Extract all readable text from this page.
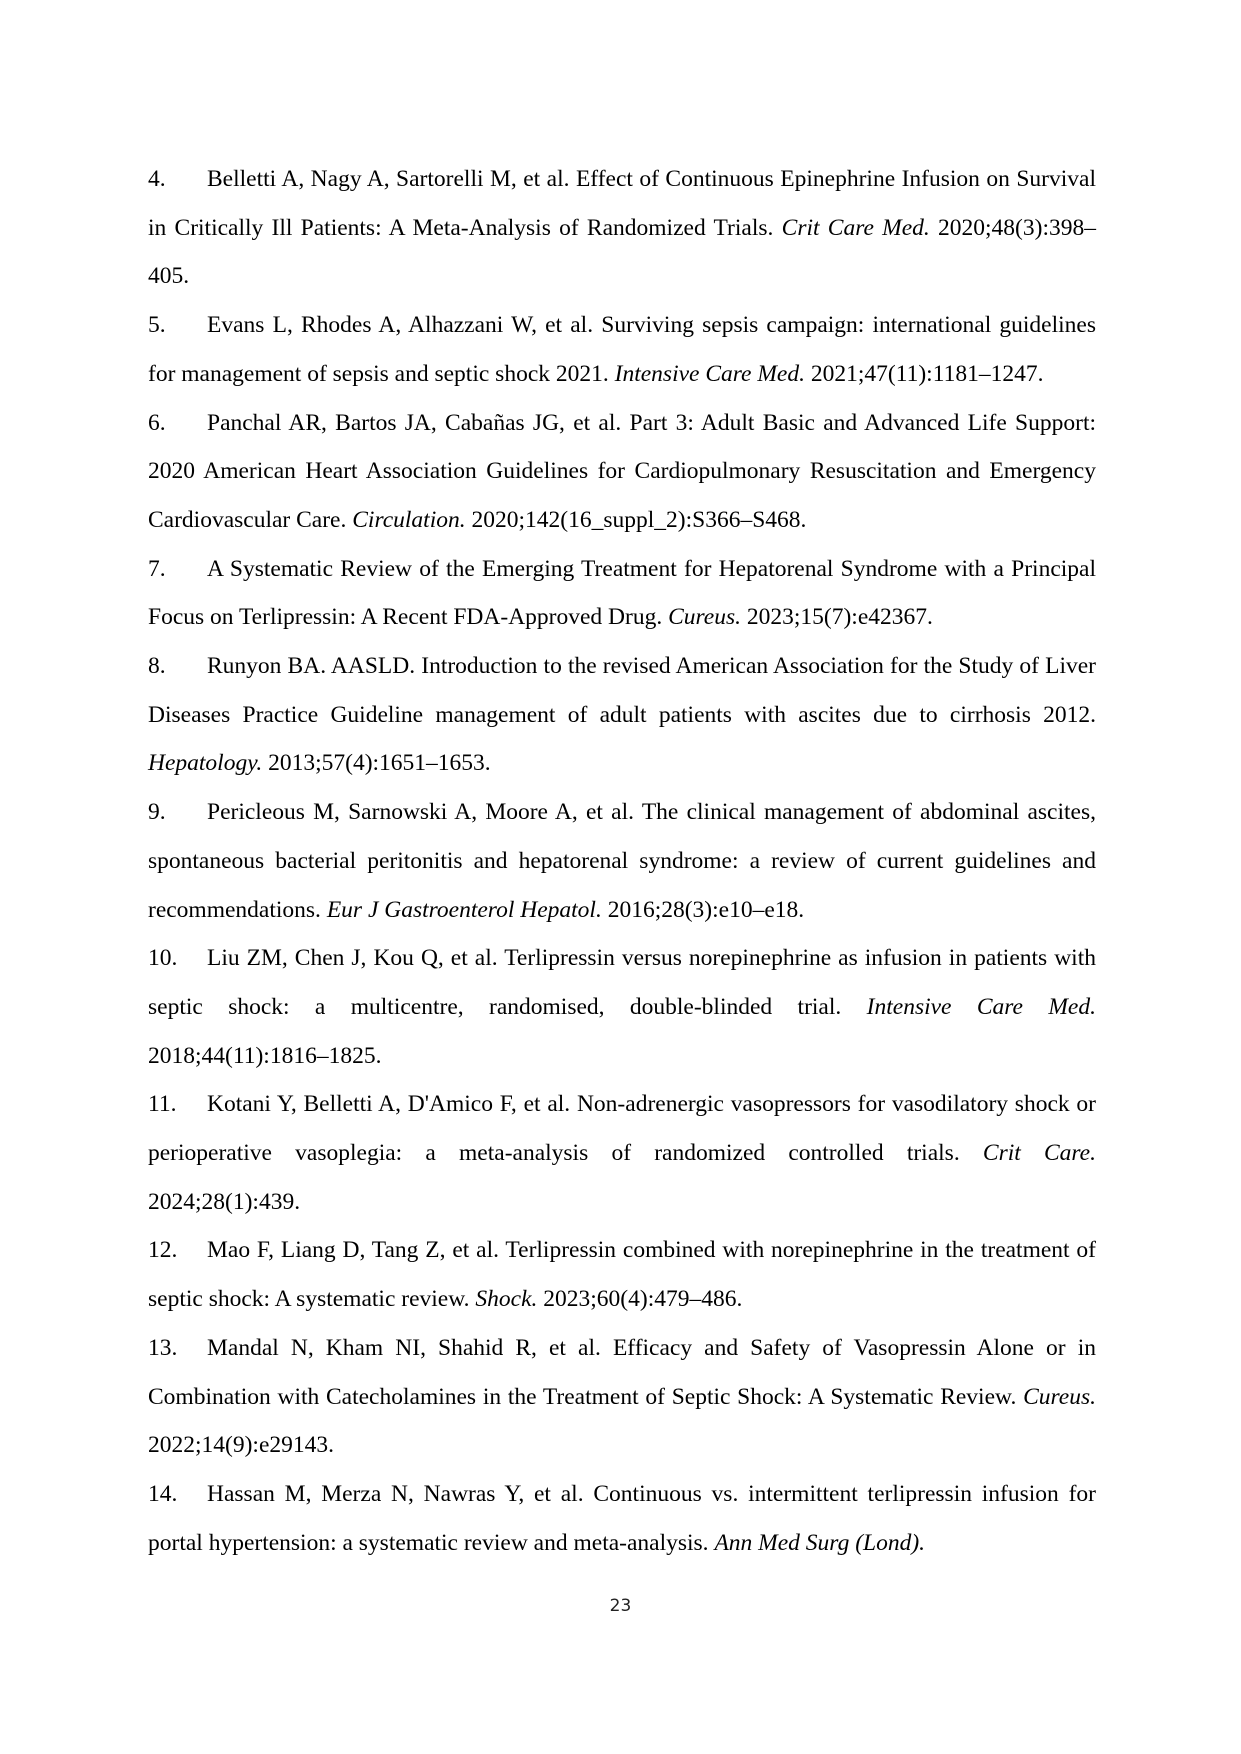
4. Belletti A, Nagy A, Sartorelli M, et al. Effect of Continuous Epinephrine Infusion on Survival in Critically Ill Patients: A Meta-Analysis of Randomized Trials. Crit Care Med. 2020;48(3):398–405.
5. Evans L, Rhodes A, Alhazzani W, et al. Surviving sepsis campaign: international guidelines for management of sepsis and septic shock 2021. Intensive Care Med. 2021;47(11):1181–1247.
6. Panchal AR, Bartos JA, Cabañas JG, et al. Part 3: Adult Basic and Advanced Life Support: 2020 American Heart Association Guidelines for Cardiopulmonary Resuscitation and Emergency Cardiovascular Care. Circulation. 2020;142(16_suppl_2):S366–S468.
7. A Systematic Review of the Emerging Treatment for Hepatorenal Syndrome with a Principal Focus on Terlipressin: A Recent FDA-Approved Drug. Cureus. 2023;15(7):e42367.
8. Runyon BA. AASLD. Introduction to the revised American Association for the Study of Liver Diseases Practice Guideline management of adult patients with ascites due to cirrhosis 2012. Hepatology. 2013;57(4):1651–1653.
9. Pericleous M, Sarnowski A, Moore A, et al. The clinical management of abdominal ascites, spontaneous bacterial peritonitis and hepatorenal syndrome: a review of current guidelines and recommendations. Eur J Gastroenterol Hepatol. 2016;28(3):e10–e18.
10. Liu ZM, Chen J, Kou Q, et al. Terlipressin versus norepinephrine as infusion in patients with septic shock: a multicentre, randomised, double-blinded trial. Intensive Care Med. 2018;44(11):1816–1825.
11. Kotani Y, Belletti A, D'Amico F, et al. Non-adrenergic vasopressors for vasodilatory shock or perioperative vasoplegia: a meta-analysis of randomized controlled trials. Crit Care. 2024;28(1):439.
12. Mao F, Liang D, Tang Z, et al. Terlipressin combined with norepinephrine in the treatment of septic shock: A systematic review. Shock. 2023;60(4):479–486.
13. Mandal N, Kham NI, Shahid R, et al. Efficacy and Safety of Vasopressin Alone or in Combination with Catecholamines in the Treatment of Septic Shock: A Systematic Review. Cureus. 2022;14(9):e29143.
14. Hassan M, Merza N, Nawras Y, et al. Continuous vs. intermittent terlipressin infusion for portal hypertension: a systematic review and meta-analysis. Ann Med Surg (Lond).
23
